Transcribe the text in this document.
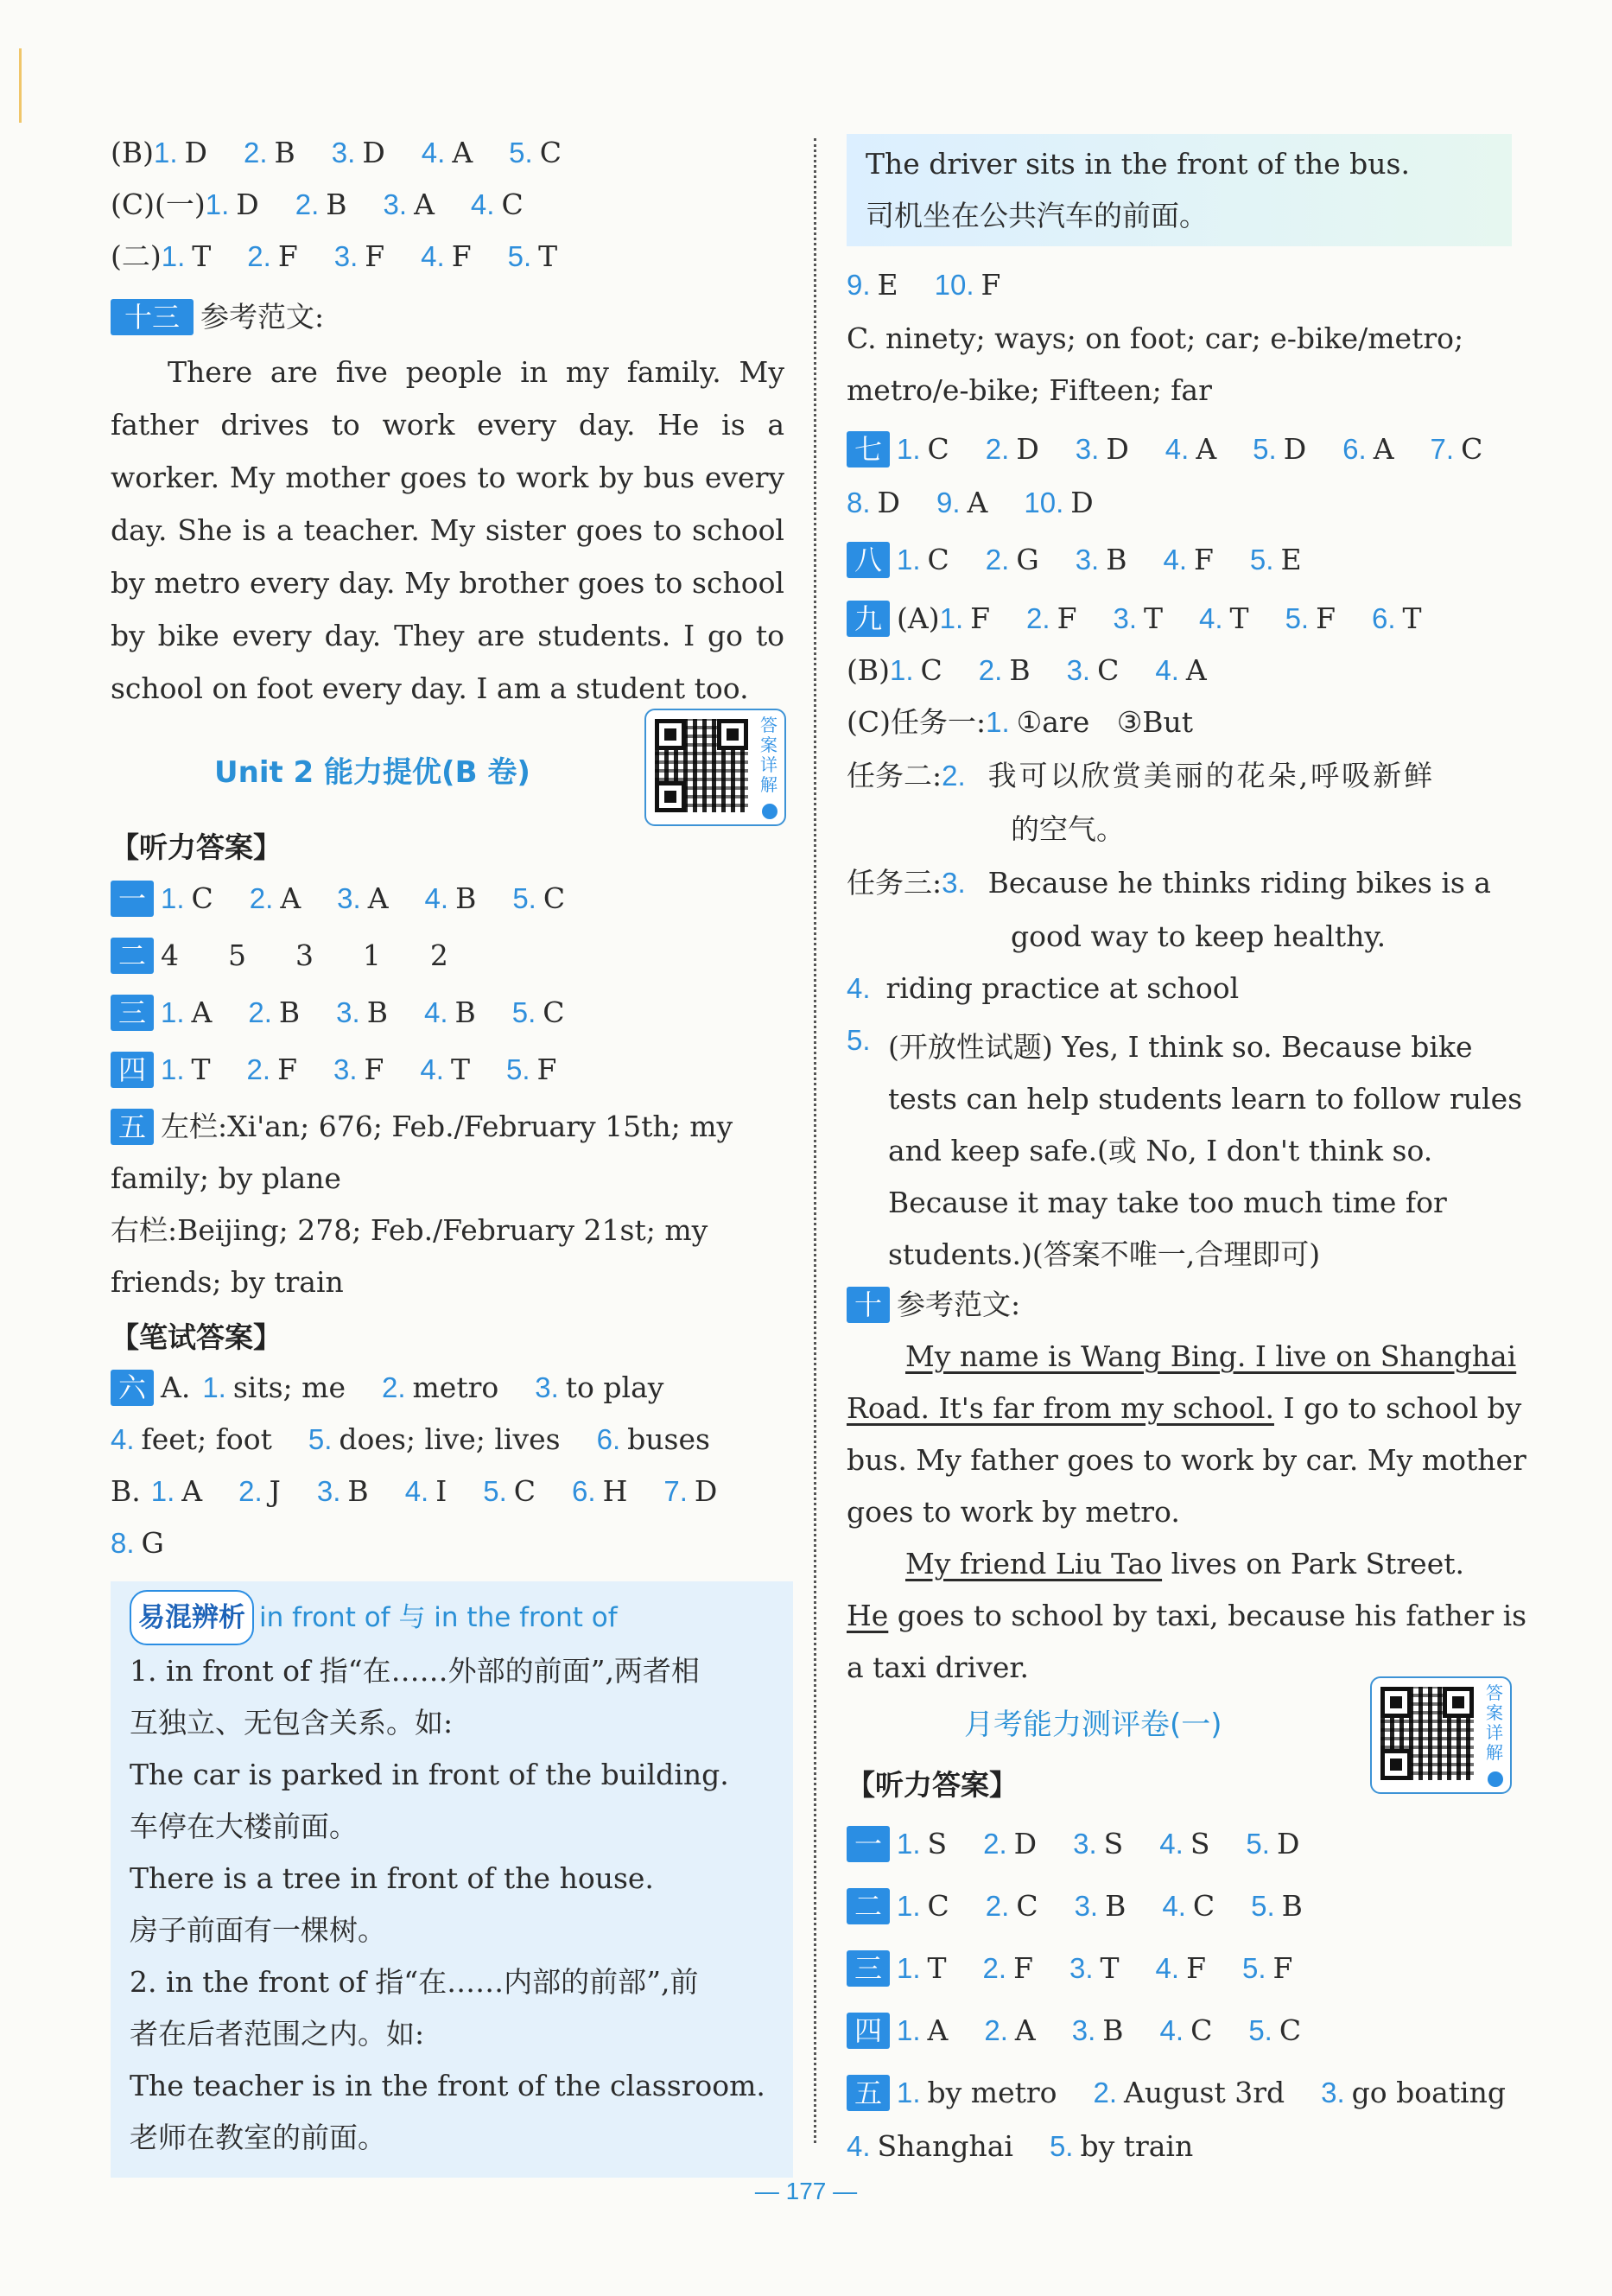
(B)1. D 2. B 3. D 4. A 5. C
(C)(一)1. D 2. B 3. A 4. C
(二)1. T 2. F 3. F 4. F 5. T
十三 参考范文:
There are five people in my family. My father drives to work every day. He is a worker. My mother goes to work by bus every day. She is a teacher. My sister goes to school by metro every day. My brother goes to school by bike every day. They are students. I go to school on foot every day. I am a student too.
Unit 2 能力提优(B 卷)
答案详解
【听力答案】
一 1. C 2. A 3. A 4. B 5. C
二 4  5  3  1  2
三 1. A 2. B 3. B 4. B 5. C
四 1. T 2. F 3. F 4. T 5. F
五 左栏:Xi'an; 676; Feb./February 15th; my
family; by plane
右栏:Beijing; 278; Feb./February 21st; my
friends; by train
【笔试答案】
六 A. 1. sits; me 2. metro 3. to play
4. feet; foot 5. does; live; lives 6. buses
B. 1. A 2. J 3. B 4. I 5. C 6. H 7. D
8. G
易混辨析 in front of 与 in the front of
1. in front of 指“在……外部的前面”,两者相
互独立、无包含关系。如:
The car is parked in front of the building.
车停在大楼前面。
There is a tree in front of the house.
房子前面有一棵树。
2. in the front of 指“在……内部的前部”,前
者在后者范围之内。如:
The teacher is in the front of the classroom.
老师在教室的前面。
The driver sits in the front of the bus.
司机坐在公共汽车的前面。
9. E 10. F
C. ninety; ways; on foot; car; e-bike/metro;
metro/e-bike; Fifteen; far
七 1. C 2. D 3. D 4. A 5. D 6. A 7. C
8. D 9. A 10. D
八 1. C 2. G 3. B 4. F 5. E
九 (A)1. F 2. F 3. T 4. T 5. F 6. T
(B)1. C 2. B 3. C 4. A
(C)任务一:1. ①are   ③But
任务二:2. 我可以欣赏美丽的花朵,呼吸新鲜
的空气。
任务三:3. Because he thinks riding bikes is a
good way to keep healthy.
4. riding practice at school
5. (开放性试题) Yes, I think so. Because bike
tests can help students learn to follow rules
and keep safe.(或 No, I don't think so.
Because it may take too much time for
students.)(答案不唯一,合理即可)
十 参考范文:
My name is Wang Bing. I live on Shanghai
Road. It's far from my school. I go to school by
bus. My father goes to work by car. My mother
goes to work by metro.
My friend Liu Tao lives on Park Street.
He goes to school by taxi, because his father is
a taxi driver.
月考能力测评卷(一)
答案详解
【听力答案】
一 1. S 2. D 3. S 4. S 5. D
二 1. C 2. C 3. B 4. C 5. B
三 1. T 2. F 3. T 4. F 5. F
四 1. A 2. A 3. B 4. C 5. C
五 1. by metro 2. August 3rd 3. go boating
4. Shanghai 5. by train
— 177 —
